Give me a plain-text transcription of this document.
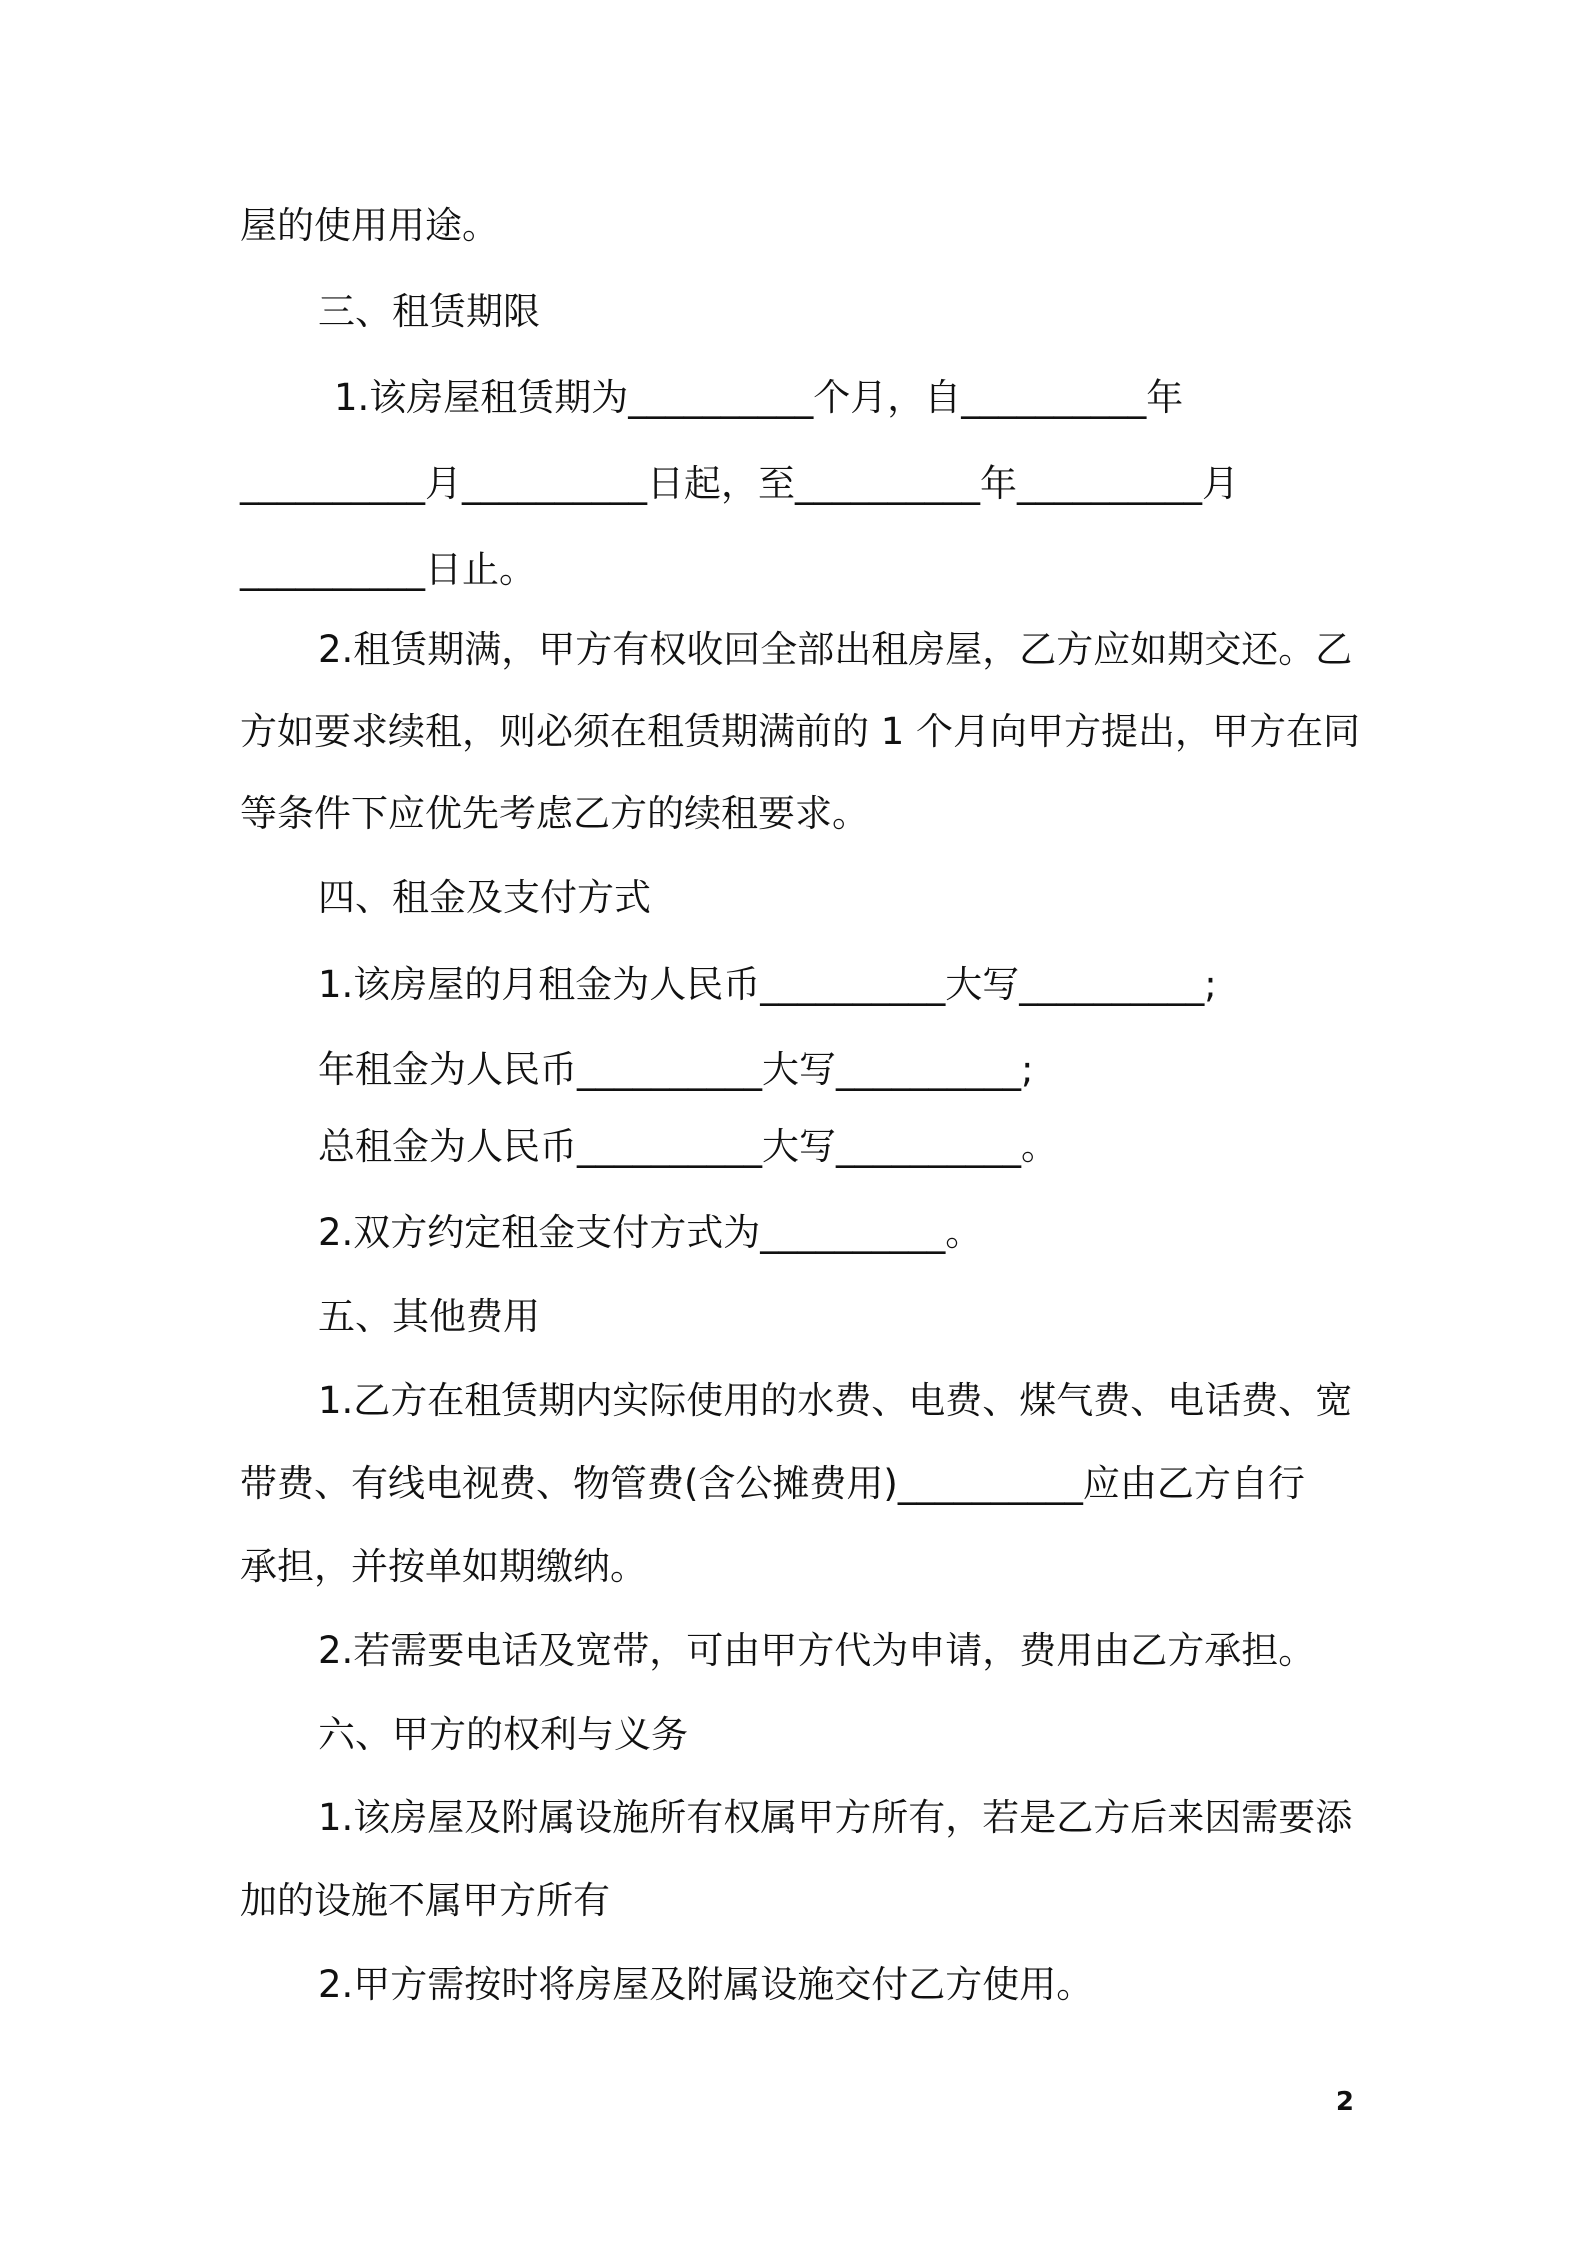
屋的使用用途。
三、租赁期限
1.该房屋租赁期为__________个月，自__________年
__________月__________日起，至__________年__________月
__________日止。
2.租赁期满，甲方有权收回全部出租房屋，乙方应如期交还。乙
方如要求续租，则必须在租赁期满前的 1 个月向甲方提出，甲方在同
等条件下应优先考虑乙方的续租要求。
四、租金及支付方式
1.该房屋的月租金为人民币__________大写__________;
年租金为人民币__________大写__________;
总租金为人民币__________大写__________。
2.双方约定租金支付方式为__________。
五、其他费用
1.乙方在租赁期内实际使用的水费、电费、煤气费、电话费、宽
带费、有线电视费、物管费(含公摊费用)__________应由乙方自行
承担，并按单如期缴纳。
2.若需要电话及宽带，可由甲方代为申请，费用由乙方承担。
六、甲方的权利与义务
1.该房屋及附属设施所有权属甲方所有，若是乙方后来因需要添
加的设施不属甲方所有
2.甲方需按时将房屋及附属设施交付乙方使用。
2
